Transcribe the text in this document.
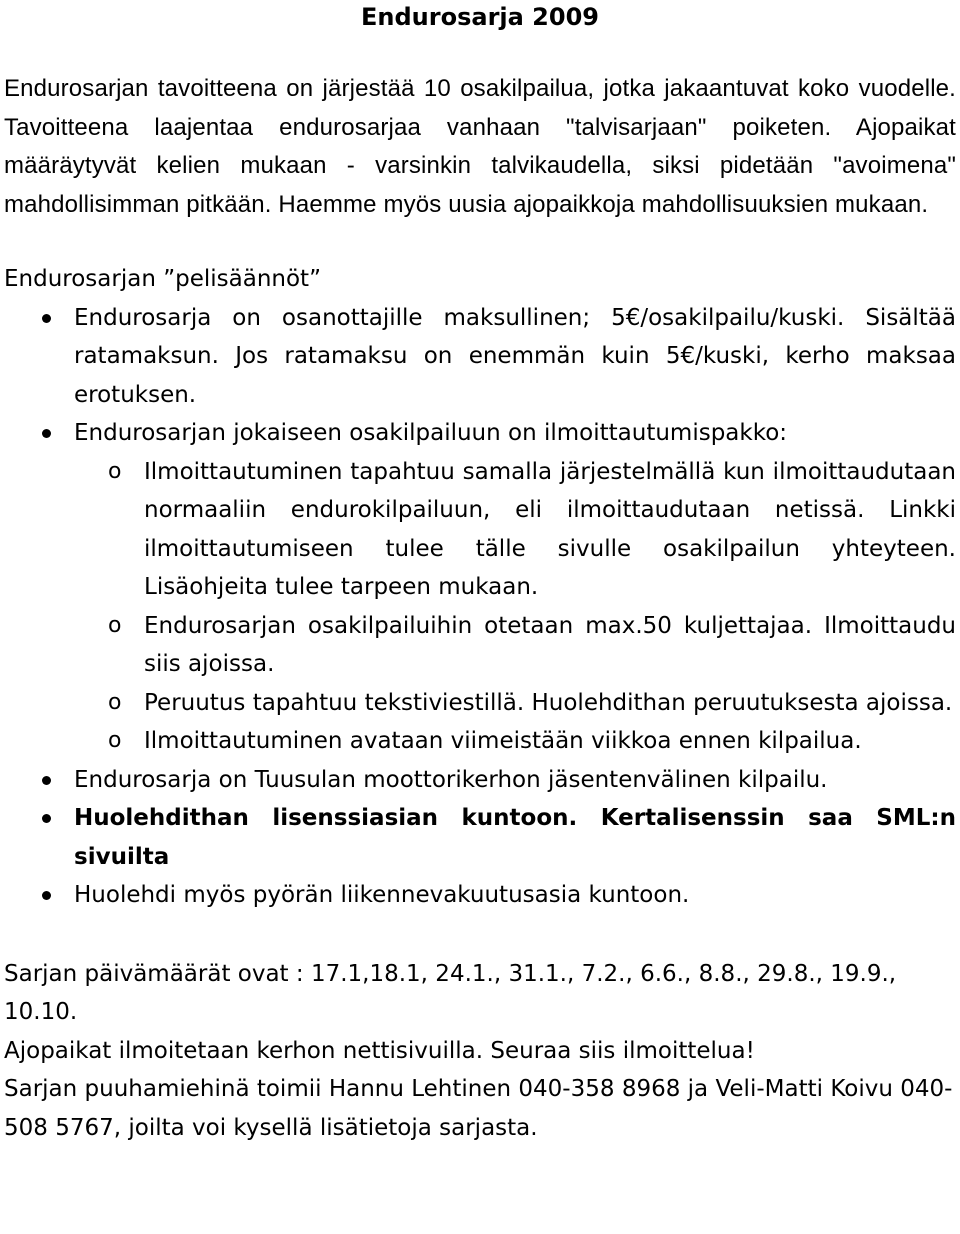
Endurosarja 2009

Endurosarjan tavoitteena on järjestää 10 osakilpailua, jotka jakaantuvat koko vuodelle. Tavoitteena laajentaa endurosarjaa vanhaan "talvisarjaan" poiketen. Ajopaikat määräytyvät kelien mukaan - varsinkin talvikaudella, siksi pidetään "avoimena" mahdollisimman pitkään. Haemme myös uusia ajopaikkoja mahdollisuuksien mukaan.

Endurosarjan ”pelisäännöt”
Endurosarja on osanottajille maksullinen; 5€/osakilpailu/kuski. Sisältää ratamaksun. Jos ratamaksu on enemmän kuin 5€/kuski, kerho maksaa erotuksen.
Endurosarjan jokaiseen osakilpailuun on ilmoittautumispakko:
o Ilmoittautuminen tapahtuu samalla järjestelmällä kun ilmoittaudutaan normaaliin endurokilpailuun, eli ilmoittaudutaan netissä. Linkki ilmoittautumiseen tulee tälle sivulle osakilpailun yhteyteen. Lisäohjeita tulee tarpeen mukaan.
o Endurosarjan osakilpailuihin otetaan max.50 kuljettajaa. Ilmoittaudu siis ajoissa.
o Peruutus tapahtuu tekstiviestillä. Huolehdithan peruutuksesta ajoissa.
o Ilmoittautuminen avataan viimeistään viikkoa ennen kilpailua.
Endurosarja on Tuusulan moottorikerhon jäsentenvälinen kilpailu.
Huolehdithan lisenssiasian kuntoon. Kertalisenssin saa SML:n sivuilta
Huolehdi myös pyörän liikennevakuutusasia kuntoon.

Sarjan päivämäärät ovat : 17.1,18.1, 24.1., 31.1., 7.2., 6.6., 8.8., 29.8., 19.9., 10.10.

Ajopaikat ilmoitetaan kerhon nettisivuilla. Seuraa siis ilmoittelua!

Sarjan puuhamiehinä toimii Hannu Lehtinen 040-358 8968 ja Veli-Matti Koivu 040-508 5767, joilta voi kysellä lisätietoja sarjasta.
